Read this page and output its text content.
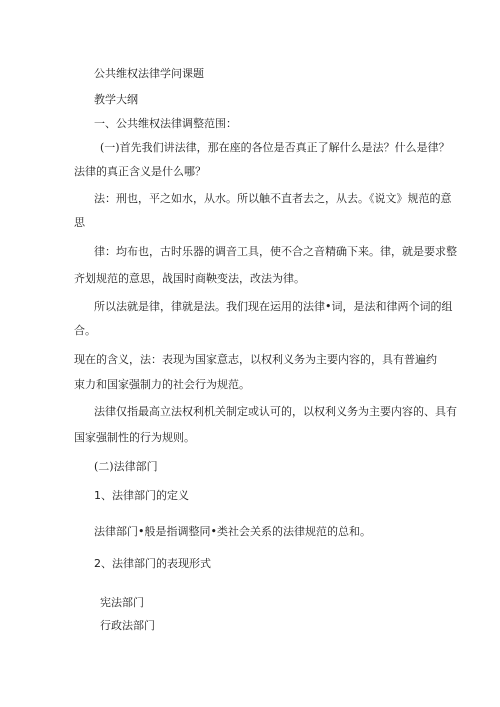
公共维权法律学问课题
教学大纲
一、公共维权法律调整范围：
(一)首先我们讲法律，那在座的各位是否真正了解什么是法？什么是律？
法律的真正含义是什么哪？
法：刑也，平之如水，从水。所以触不直者去之，从去。《说文》规范的意
思
律：均布也，古时乐器的调音工具，使不合之音精确下来。律，就是要求整
齐划规范的意思，战国时商鞅变法，改法为律。
所以法就是律，律就是法。我们现在运用的法律•词，是法和律两个词的组
合。
现在的含义，法：表现为国家意志，以权利义务为主要内容的，具有普遍约
束力和国家强制力的社会行为规范。
法律仅指最高立法权利机关制定或认可的，以权利义务为主要内容的、具有
国家强制性的行为规则。
(二)法律部门
1、法律部门的定义
法律部门•般是指调整同•类社会关系的法律规范的总和。
2、法律部门的表现形式
宪法部门
行政法部门
